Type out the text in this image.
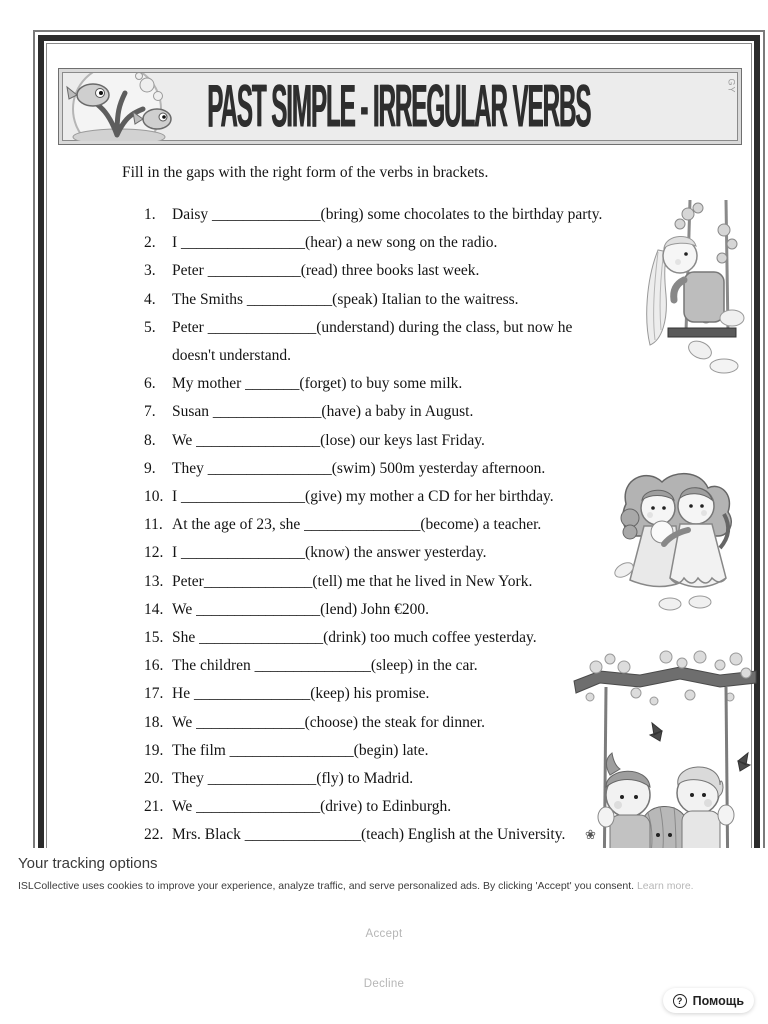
PAST SIMPLE - IRREGULAR VERBS	GY
Fill in the gaps with the right form of the verbs in brackets.
1.	Daisy ______________(bring) some chocolates to the birthday party.
2.	I ________________(hear) a new song on the radio.
3.	Peter ____________(read) three books last week.
4.	The Smiths ___________(speak) Italian to the waitress.
5.	Peter ______________(understand) during the class, but now he
doesn't understand.
6.	My mother _______(forget) to buy some milk.
7.	Susan ______________(have) a baby in August.
8.	We ________________(lose) our keys last Friday.
9.	They ________________(swim) 500m yesterday afternoon.
10. I ________________(give) my mother a CD for her birthday.
11. At the age of 23, she _______________(become) a teacher.
12. I ________________(know) the answer yesterday.
13. Peter______________(tell) me that he lived in New York.
14. We ________________(lend) John €200.
15. She ________________(drink) too much coffee yesterday.
16. The children _______________(sleep) in the car.
17. He _______________(keep) his promise.
18. We ______________(choose) the steak for dinner.
19. The film ________________(begin) late.
20. They ______________(fly) to Madrid.
21. We ________________(drive) to Edinburgh.
22. Mrs. Black _______________(teach) English at the University.	❀
Your tracking options
ISLCollective uses cookies to improve your experience, analyze traffic, and serve personalized ads. By clicking 'Accept' you consent. Learn more.
Accept
Decline
? Помощь
